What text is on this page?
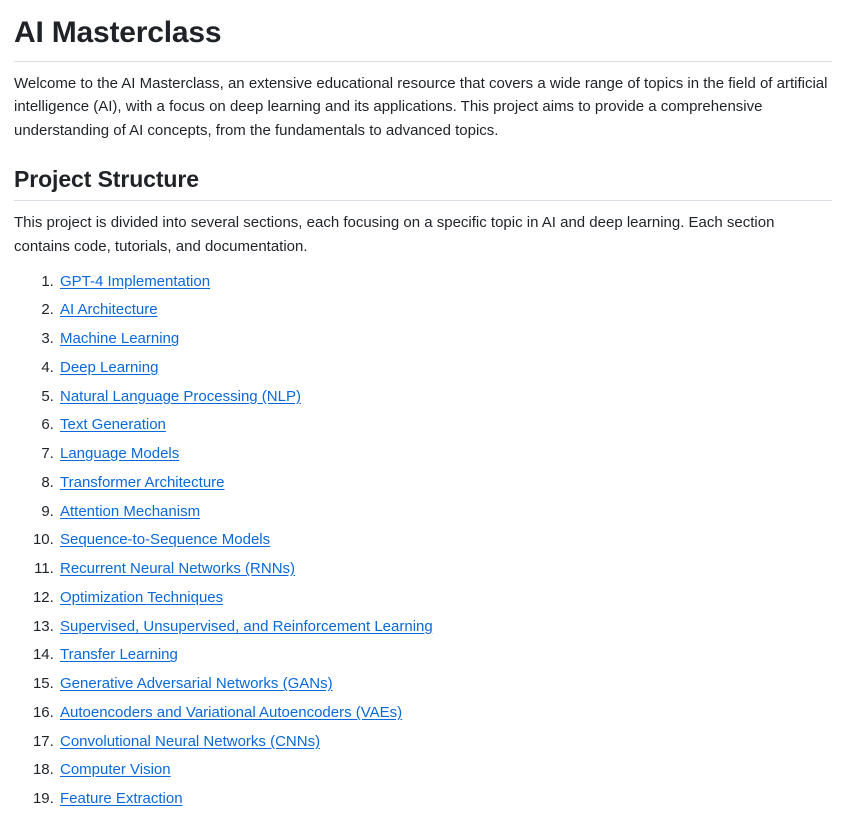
AI Masterclass

Welcome to the AI Masterclass, an extensive educational resource that covers a wide range of topics in the field of artificial intelligence (AI), with a focus on deep learning and its applications. This project aims to provide a comprehensive understanding of AI concepts, from the fundamentals to advanced topics.

Project Structure

This project is divided into several sections, each focusing on a specific topic in AI and deep learning. Each section contains code, tutorials, and documentation.

1. GPT-4 Implementation
2. AI Architecture
3. Machine Learning
4. Deep Learning
5. Natural Language Processing (NLP)
6. Text Generation
7. Language Models
8. Transformer Architecture
9. Attention Mechanism
10. Sequence-to-Sequence Models
11. Recurrent Neural Networks (RNNs)
12. Optimization Techniques
13. Supervised, Unsupervised, and Reinforcement Learning
14. Transfer Learning
15. Generative Adversarial Networks (GANs)
16. Autoencoders and Variational Autoencoders (VAEs)
17. Convolutional Neural Networks (CNNs)
18. Computer Vision
19. Feature Extraction
